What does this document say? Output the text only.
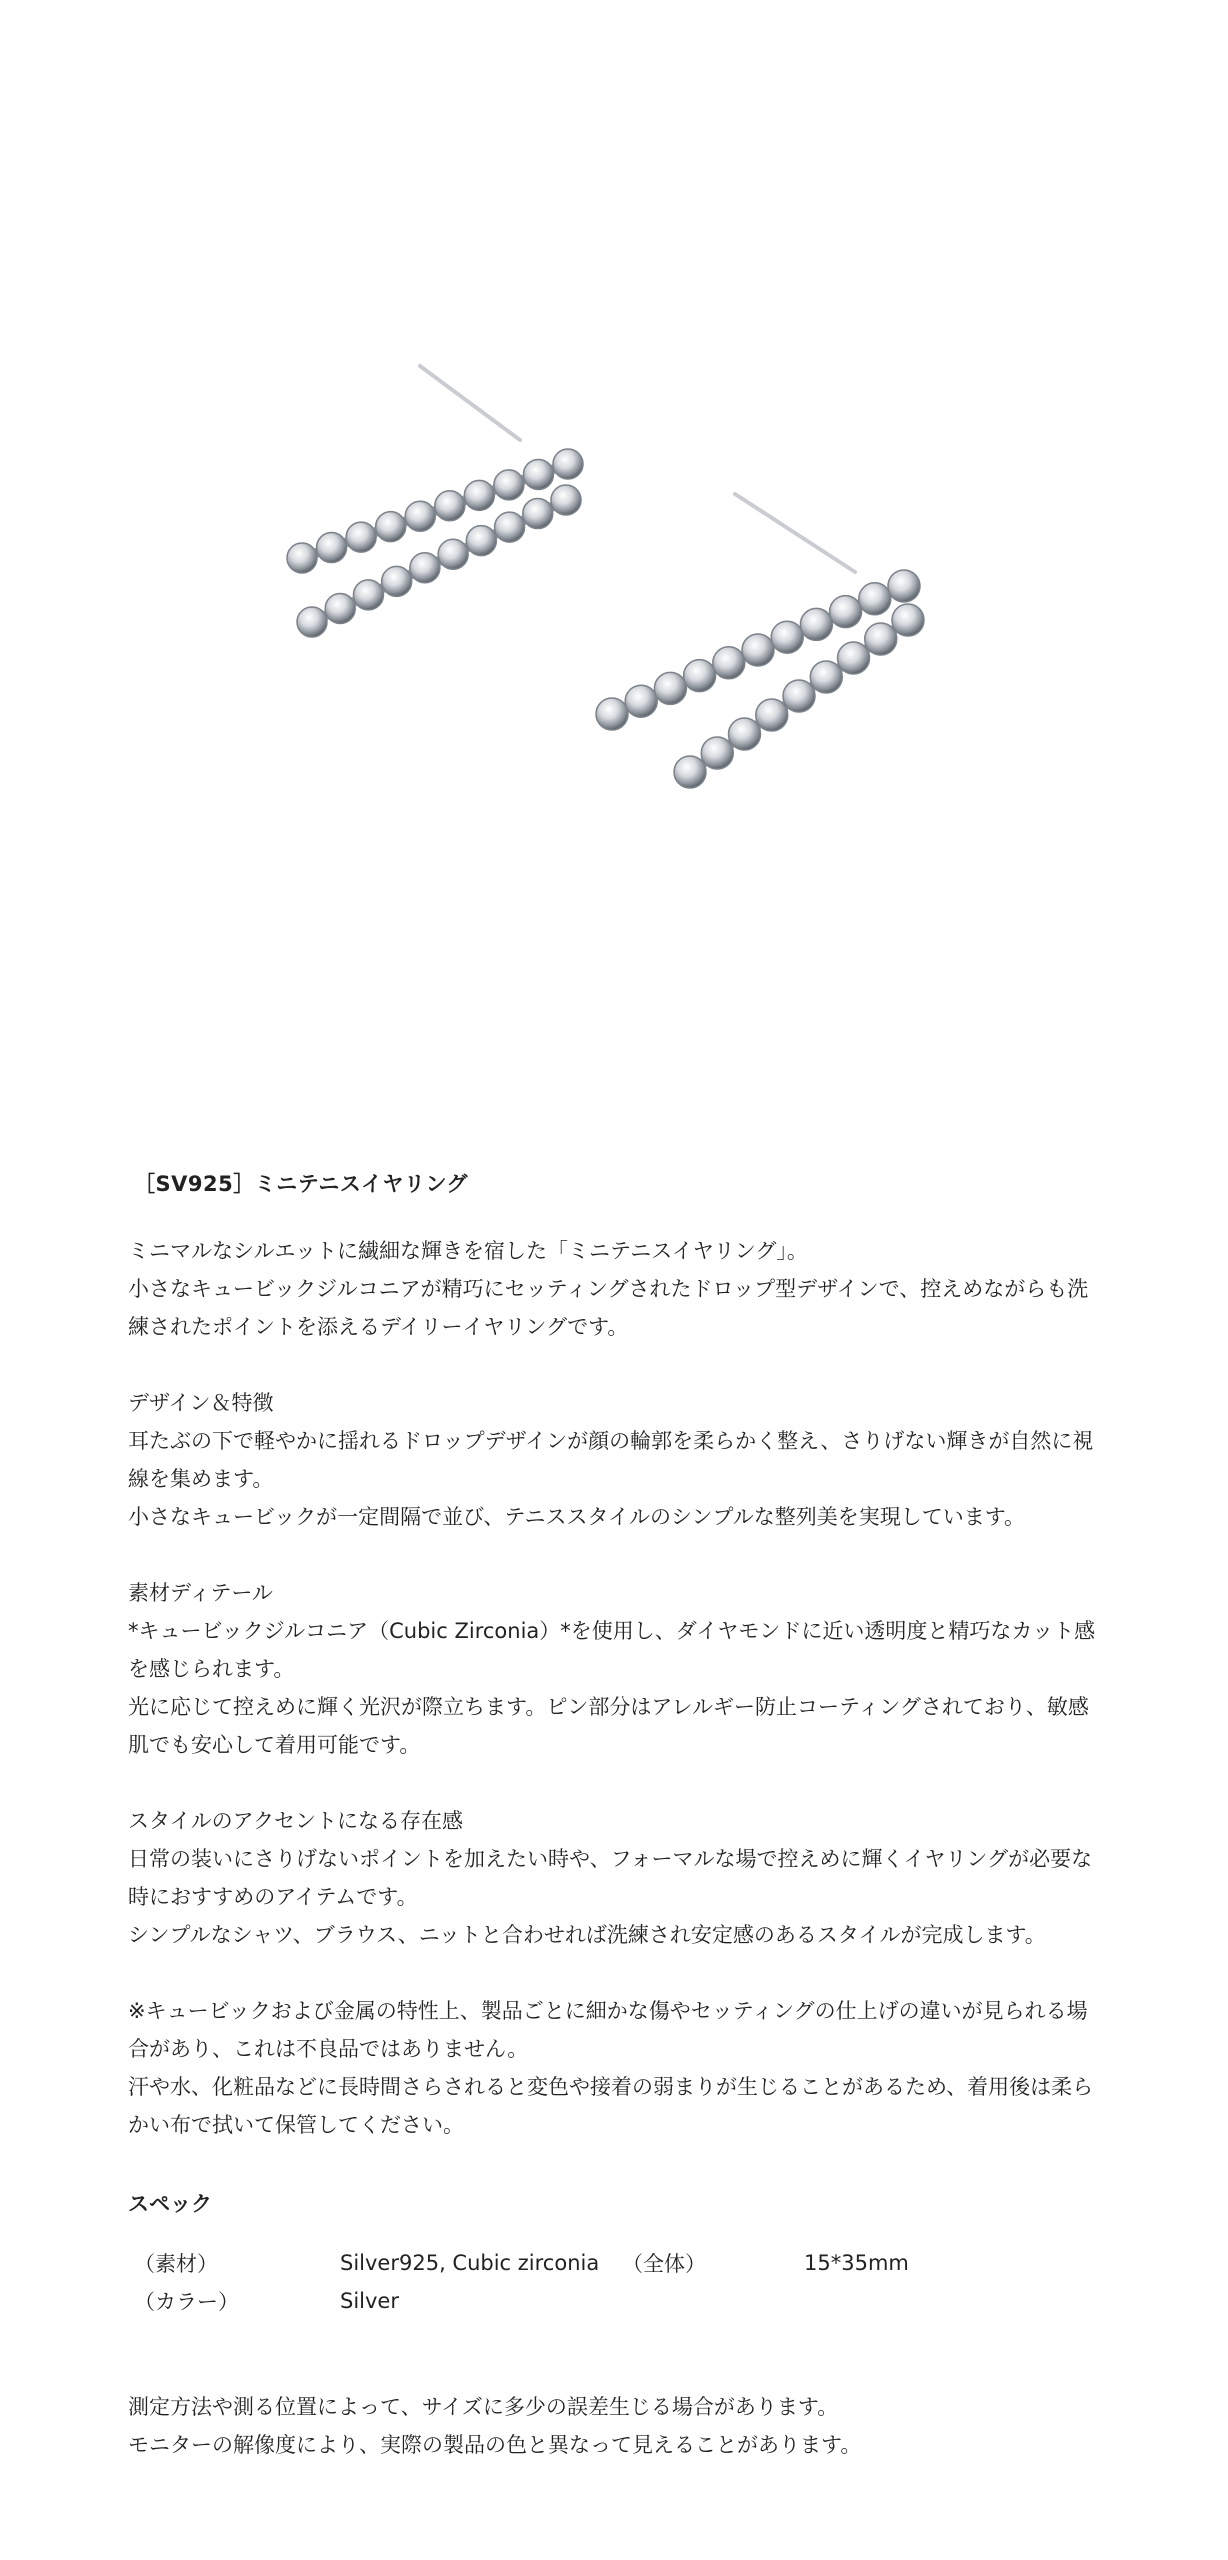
［SV925］ミニテニスイヤリング

ミニマルなシルエットに繊細な輝きを宿した「ミニテニスイヤリング」。

小さなキュービックジルコニアが精巧にセッティングされたドロップ型デザインで、控えめながらも洗練されたポイントを添えるデイリーイヤリングです。

デザイン＆特徴

耳たぶの下で軽やかに揺れるドロップデザインが顔の輪郭を柔らかく整え、さりげない輝きが自然に視線を集めます。

小さなキュービックが一定間隔で並び、テニススタイルのシンプルな整列美を実現しています。

素材ディテール

*キュービックジルコニア（Cubic Zirconia）*を使用し、ダイヤモンドに近い透明度と精巧なカット感を感じられます。

光に応じて控えめに輝く光沢が際立ちます。ピン部分はアレルギー防止コーティングされており、敏感肌でも安心して着用可能です。

スタイルのアクセントになる存在感

日常の装いにさりげないポイントを加えたい時や、フォーマルな場で控えめに輝くイヤリングが必要な時におすすめのアイテムです。

シンプルなシャツ、ブラウス、ニットと合わせれば洗練され安定感のあるスタイルが完成します。

※キュービックおよび金属の特性上、製品ごとに細かな傷やセッティングの仕上げの違いが見られる場合があり、これは不良品ではありません。

汗や水、化粧品などに長時間さらされると変色や接着の弱まりが生じることがあるため、着用後は柔らかい布で拭いて保管してください。

スペック
（素材）	Silver925, Cubic zirconia	（全体）	15*35mm
（カラー）	Silver		

測定方法や測る位置によって、サイズに多少の誤差生じる場合があります。

モニターの解像度により、実際の製品の色と異なって見えることがあります。
